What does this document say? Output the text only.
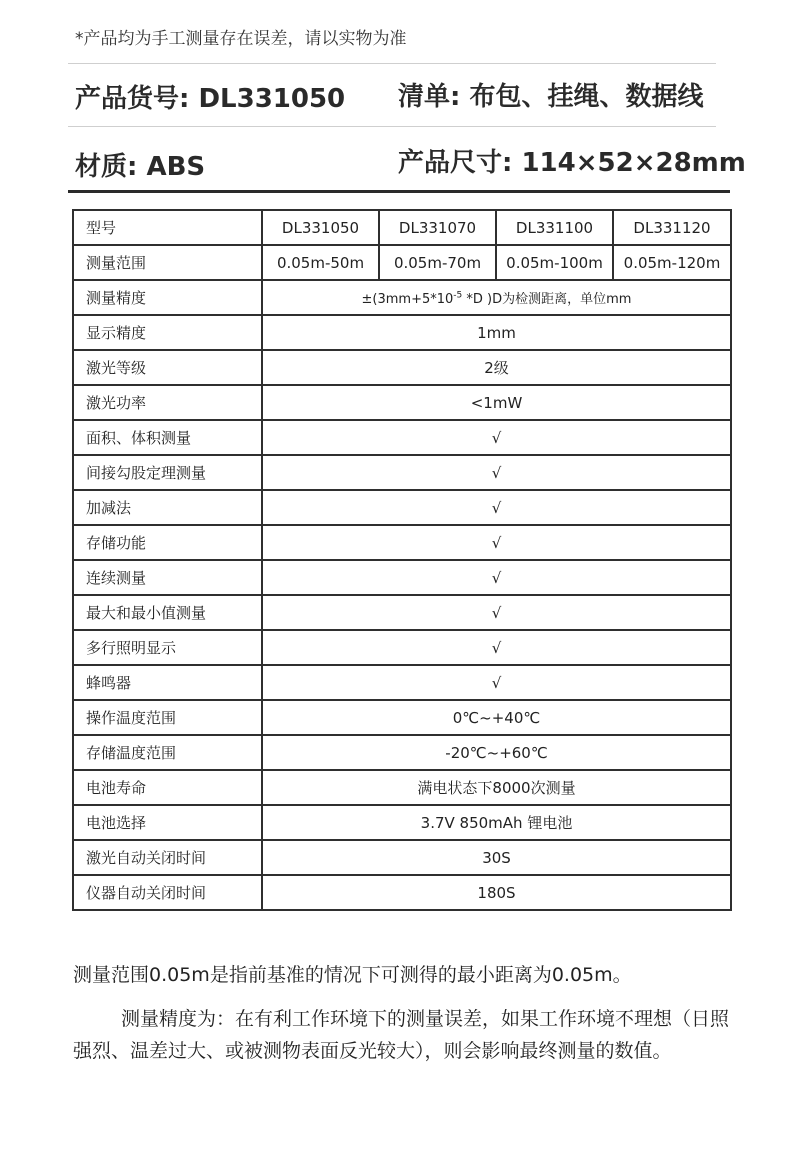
*产品均为手工测量存在误差，请以实物为准
产品货号: DL331050 清单: 布包、挂绳、数据线
材质: ABS	产品尺寸: 114×52×28mm
型号	DL331050	DL331070	DL331100	DL331120
测量范围	0.05m-50m	0.05m-70m	0.05m-100m	0.05m-120m
测量精度	$\pm(3mm+5*10^{-5}$ *D )D为检测距离，单位mm			
显示精度	1mm			
激光等级	2级			
激光功率	<1mW			
面积、体积测量	√			
间接勾股定理测量	√			
加减法	√			
存储功能	√			
连续测量	√			
最大和最小值测量	√			
多行照明显示	√			
蜂鸣器	√			
操作温度范围	0℃~+40℃			
存储温度范围	-20℃~+60℃			
电池寿命	满电状态下8000次测量			
电池选择	3.7V 850mAh 锂电池			
激光自动关闭时间	30S			
仪器自动关闭时间	180S			
测量范围0.05m是指前基准的情况下可测得的最小距离为0.05m。
测量精度为：在有利工作环境下的测量误差，如果工作环境不理想（日照强烈、温差过大、或被测物表面反光较大），则会影响最终测量的数值。
